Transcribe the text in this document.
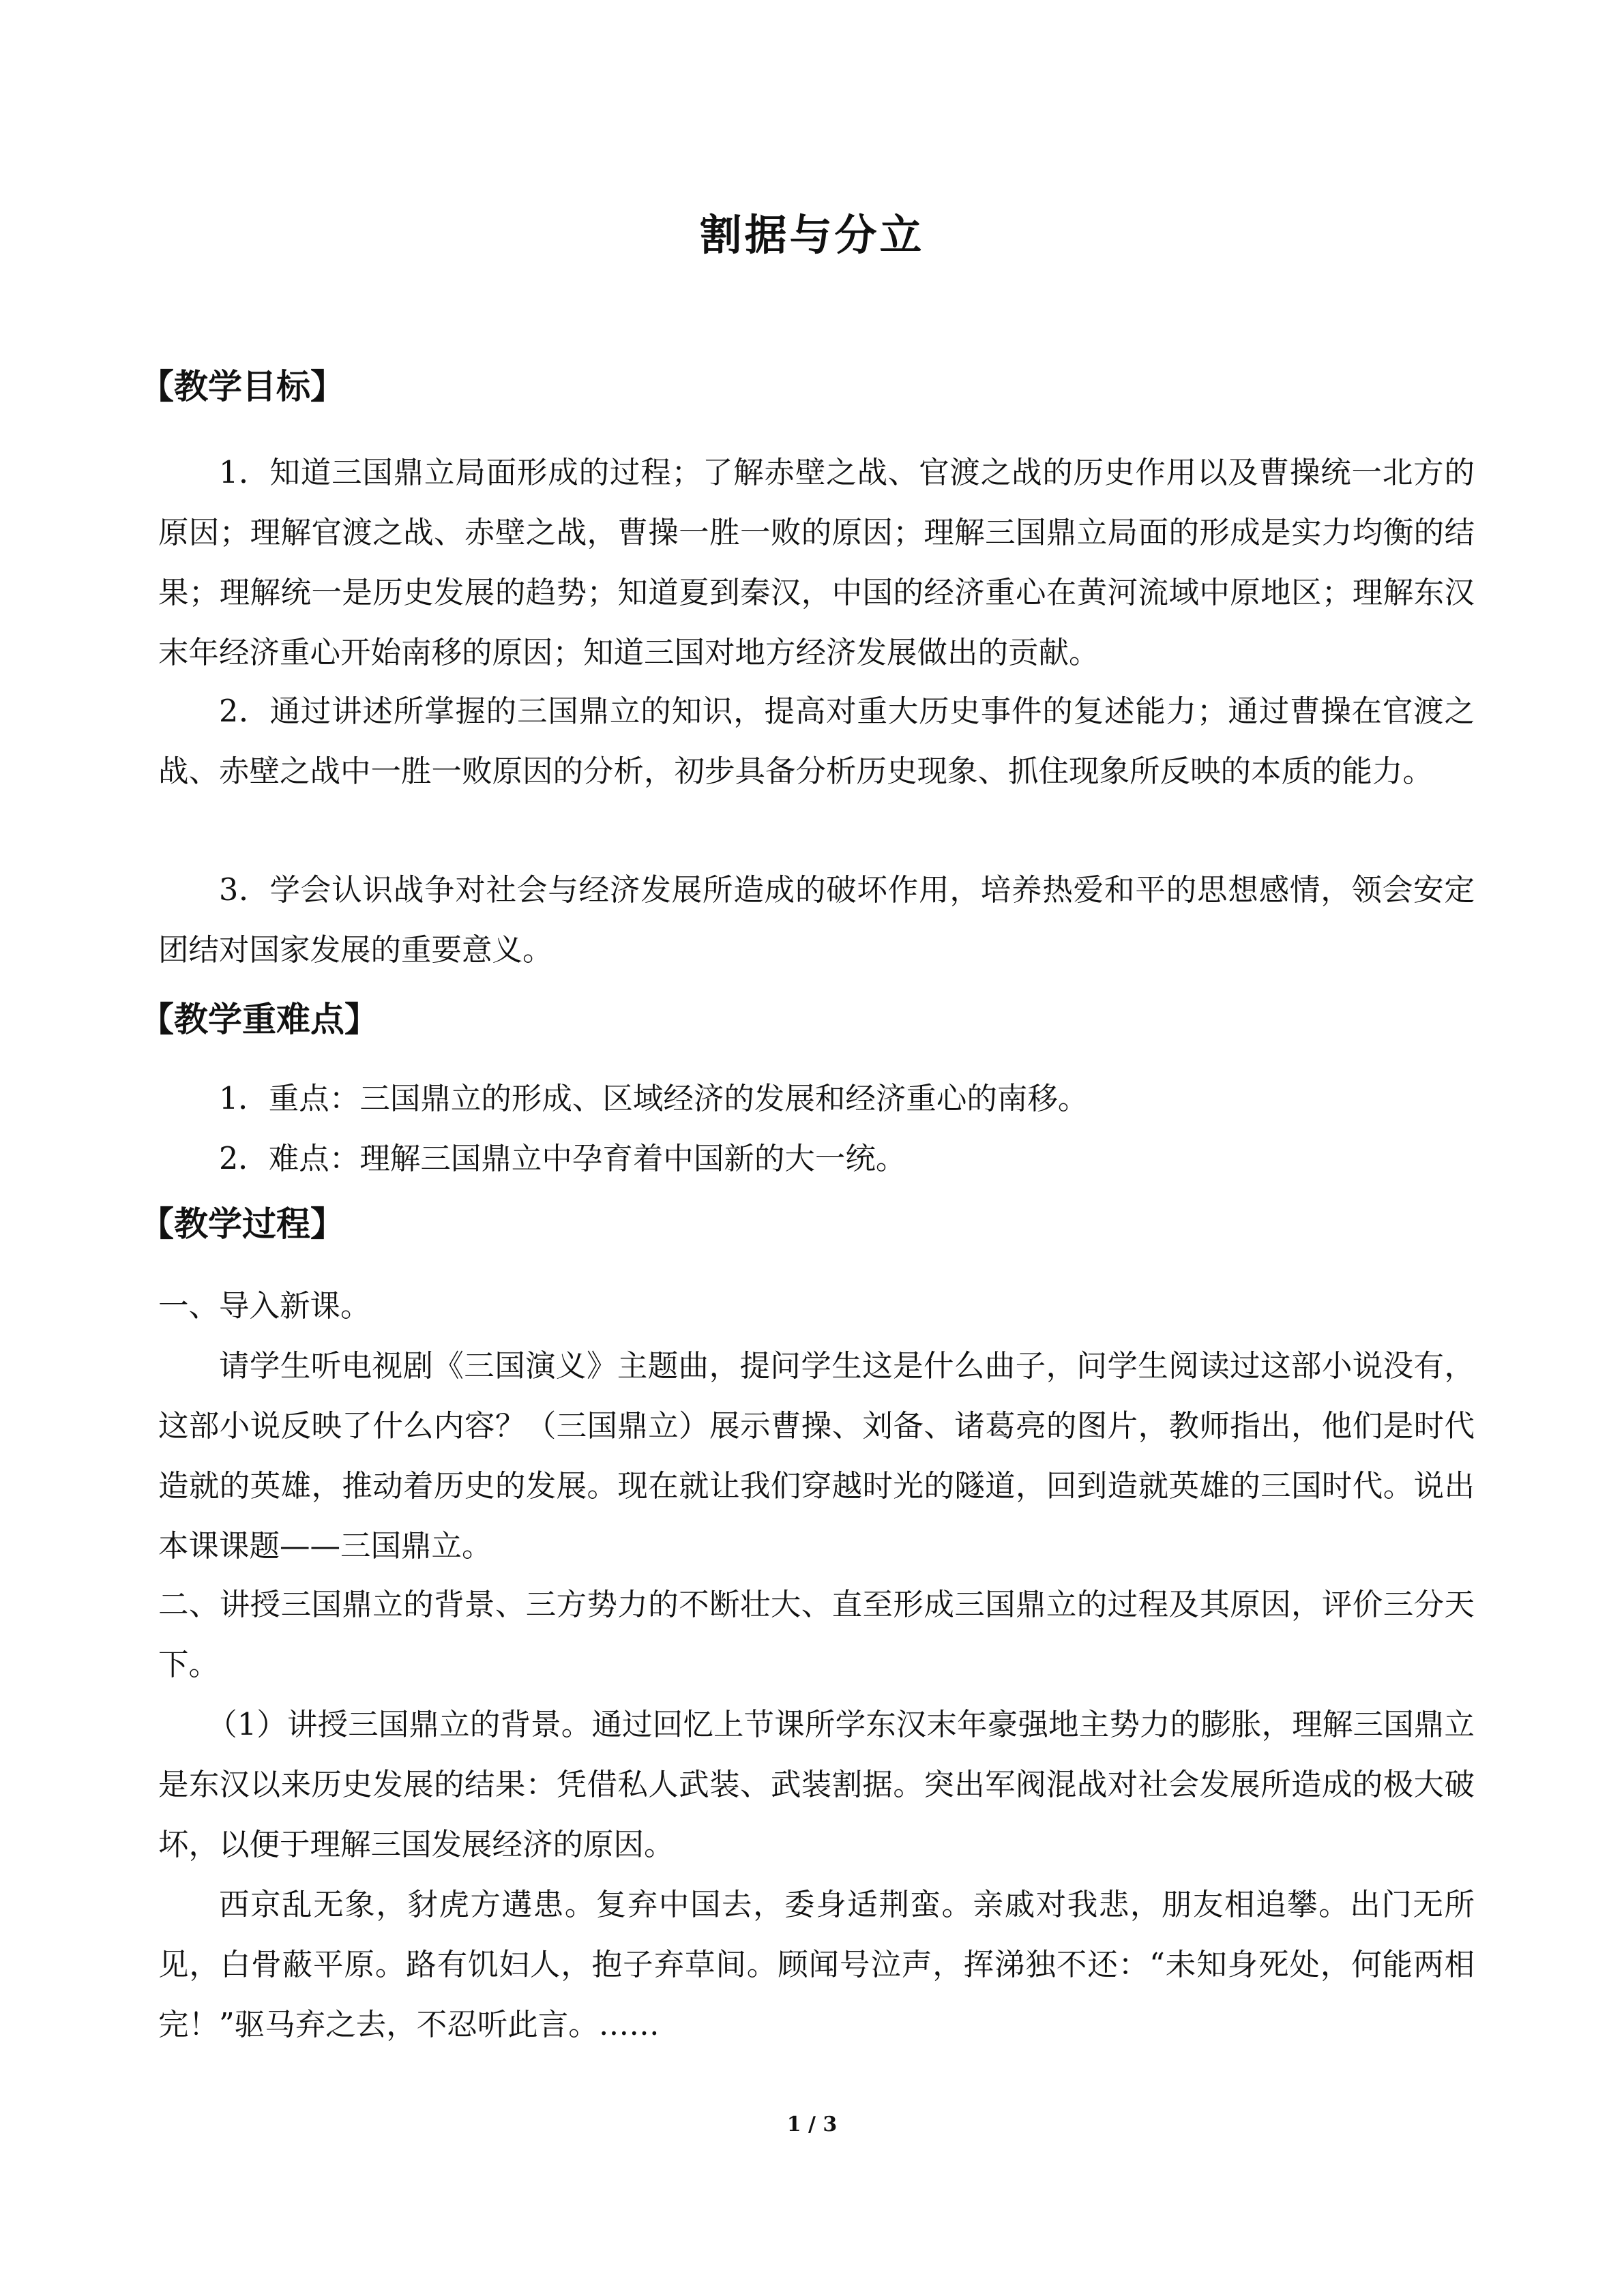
割据与分立
【教学目标】

1．知道三国鼎立局面形成的过程；了解赤壁之战、官渡之战的历史作用以及曹操统一北方的原因；理解官渡之战、赤壁之战，曹操一胜一败的原因；理解三国鼎立局面的形成是实力均衡的结果；理解统一是历史发展的趋势；知道夏到秦汉，中国的经济重心在黄河流域中原地区；理解东汉末年经济重心开始南移的原因；知道三国对地方经济发展做出的贡献。

2．通过讲述所掌握的三国鼎立的知识，提高对重大历史事件的复述能力；通过曹操在官渡之战、赤壁之战中一胜一败原因的分析，初步具备分析历史现象、抓住现象所反映的本质的能力。

3．学会认识战争对社会与经济发展所造成的破坏作用，培养热爱和平的思想感情，领会安定团结对国家发展的重要意义。

【教学重难点】

1．重点：三国鼎立的形成、区域经济的发展和经济重心的南移。

2．难点：理解三国鼎立中孕育着中国新的大一统。

【教学过程】

一、导入新课。

请学生听电视剧《三国演义》主题曲，提问学生这是什么曲子，问学生阅读过这部小说没有，这部小说反映了什么内容？（三国鼎立）展示曹操、刘备、诸葛亮的图片，教师指出，他们是时代造就的英雄，推动着历史的发展。现在就让我们穿越时光的隧道，回到造就英雄的三国时代。说出本课课题——三国鼎立。

二、讲授三国鼎立的背景、三方势力的不断壮大、直至形成三国鼎立的过程及其原因，评价三分天下。

（1）讲授三国鼎立的背景。通过回忆上节课所学东汉末年豪强地主势力的膨胀，理解三国鼎立是东汉以来历史发展的结果：凭借私人武装、武装割据。突出军阀混战对社会发展所造成的极大破坏，以便于理解三国发展经济的原因。

西京乱无象，豺虎方遘患。复弃中国去，委身适荆蛮。亲戚对我悲，朋友相追攀。出门无所见，白骨蔽平原。路有饥妇人，抱子弃草间。顾闻号泣声，挥涕独不还：“未知身死处，何能两相完！”驱马弃之去，不忍听此言。……

1 / 3
